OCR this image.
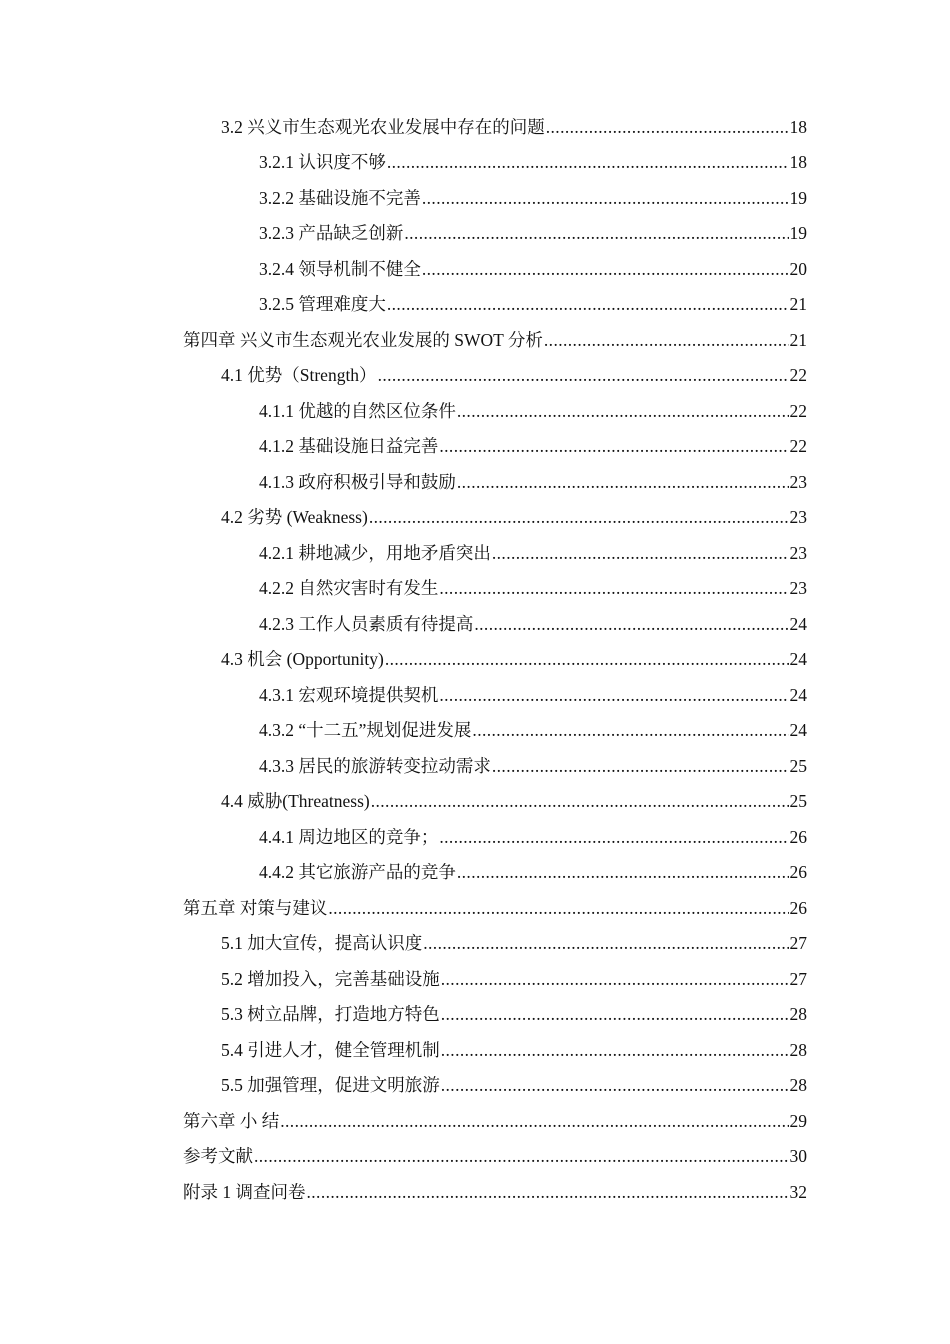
3.2 兴义市生态观光农业发展中存在的问题 .....	18
3.2.1 认识度不够 .....	18
3.2.2 基础设施不完善 .....	19
3.2.3 产品缺乏创新 .....	19
3.2.4 领导机制不健全 .....	20
3.2.5 管理难度大 .....	21
第四章 兴义市生态观光农业发展的 SWOT 分析 .....	21
4.1 优势（Strength） .....	22
4.1.1 优越的自然区位条件 .....	22
4.1.2 基础设施日益完善 .....	22
4.1.3 政府积极引导和鼓励 .....	23
4.2 劣势 (Weakness) .....	23
4.2.1 耕地减少，用地矛盾突出 .....	23
4.2.2 自然灾害时有发生 .....	23
4.2.3 工作人员素质有待提高 .....	24
4.3 机会 (Opportunity) .....	24
4.3.1 宏观环境提供契机 .....	24
4.3.2 “十二五”规划促进发展 .....	24
4.3.3 居民的旅游转变拉动需求 .....	25
4.4 威胁(Threatness) .....	25
4.4.1 周边地区的竞争； .....	26
4.4.2 其它旅游产品的竞争 .....	26
第五章 对策与建议 .....	26
5.1 加大宣传，提高认识度 .....	27
5.2 增加投入，完善基础设施 .....	27
5.3 树立品牌，打造地方特色 .....	28
5.4 引进人才，健全管理机制 .....	28
5.5 加强管理，促进文明旅游 .....	28
第六章 小 结 .....	29
参考文献 .....	30
附录 1 调查问卷 .....	32
